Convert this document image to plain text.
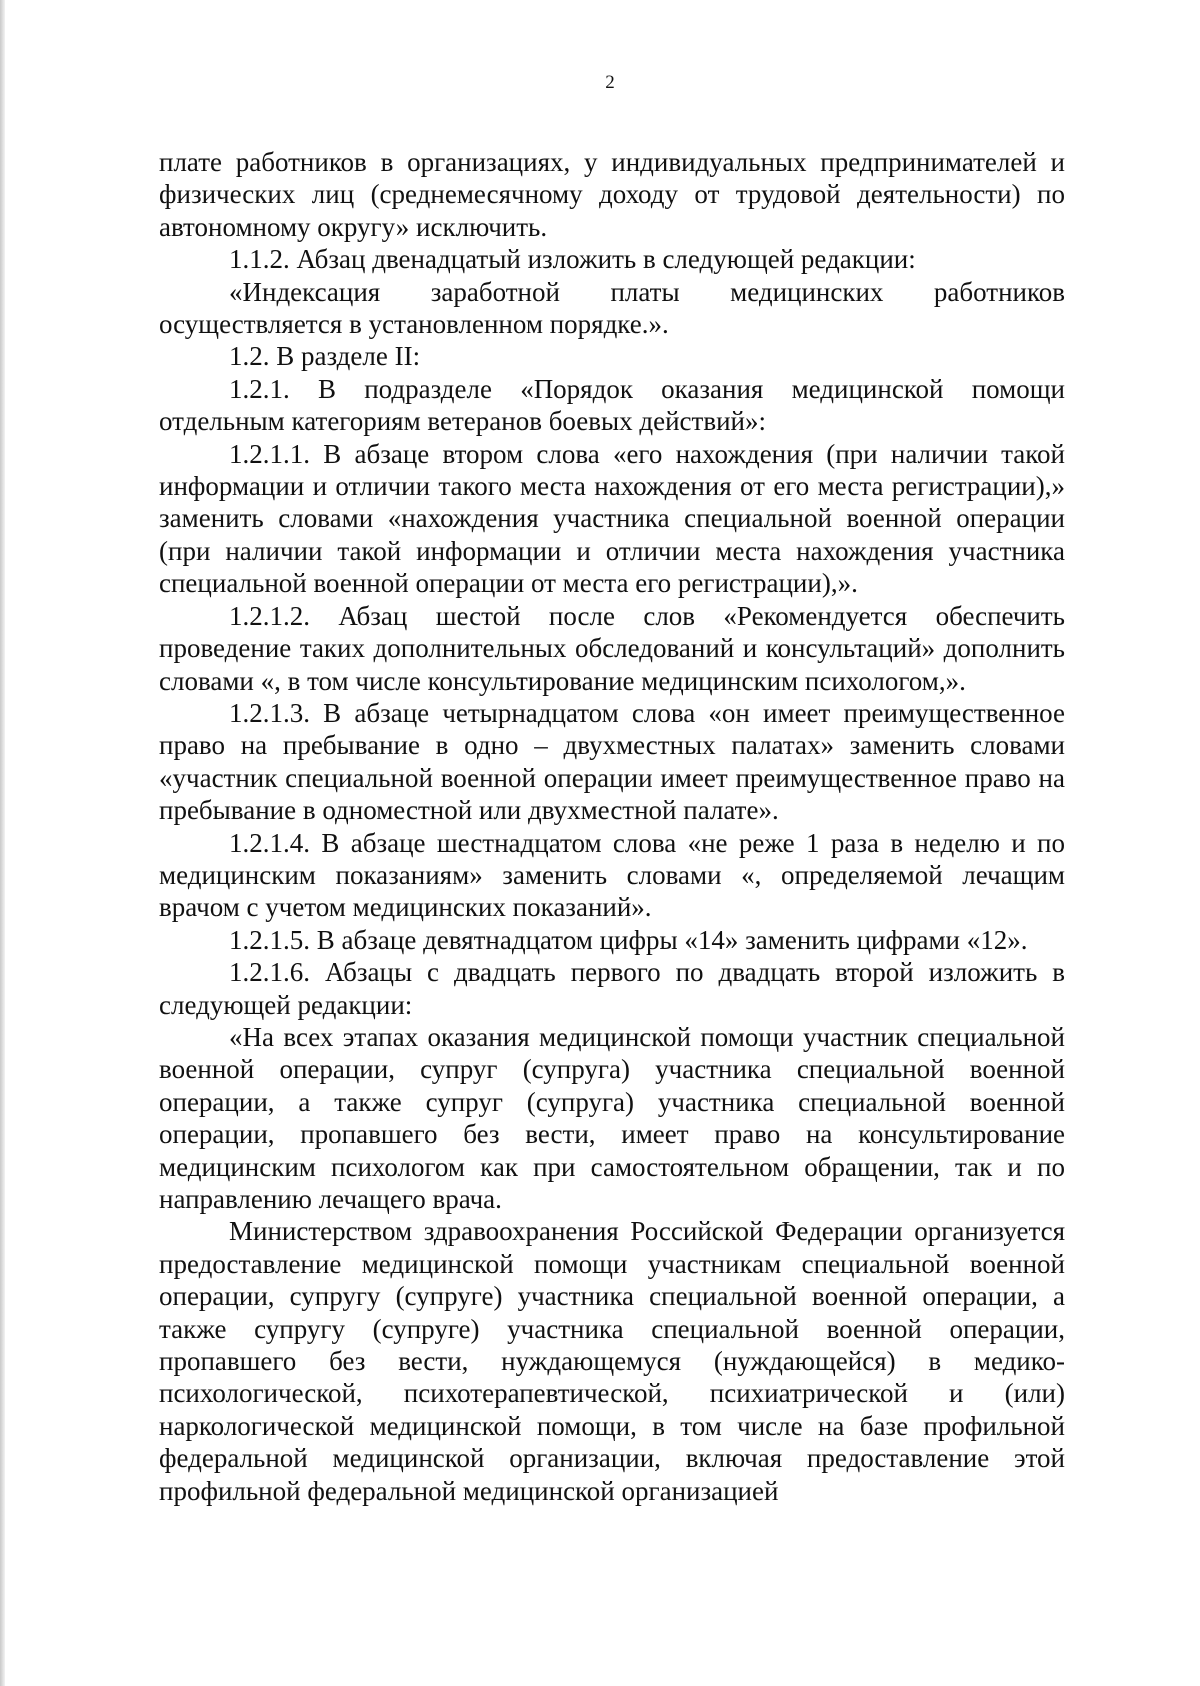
2

плате работников в организациях, у индивидуальных предпринимателей и физических лиц (среднемесячному доходу от трудовой деятельности) по автономному округу» исключить.

1.1.2. Абзац двенадцатый изложить в следующей редакции:

«Индексация заработной платы медицинских работников осуществляется в установленном порядке.».

1.2. В разделе II:

1.2.1. В подразделе «Порядок оказания медицинской помощи отдельным категориям ветеранов боевых действий»:

1.2.1.1. В абзаце втором слова «его нахождения (при наличии такой информации и отличии такого места нахождения от его места регистрации),» заменить словами «нахождения участника специальной военной операции (при наличии такой информации и отличии места нахождения участника специальной военной операции от места его регистрации),».

1.2.1.2. Абзац шестой после слов «Рекомендуется обеспечить проведение таких дополнительных обследований и консультаций» дополнить словами «, в том числе консультирование медицинским психологом,».

1.2.1.3. В абзаце четырнадцатом слова «он имеет преимущественное право на пребывание в одно – двухместных палатах» заменить словами «участник специальной военной операции имеет преимущественное право на пребывание в одноместной или двухместной палате».

1.2.1.4. В абзаце шестнадцатом слова «не реже 1 раза в неделю и по медицинским показаниям» заменить словами «, определяемой лечащим врачом с учетом медицинских показаний».

1.2.1.5. В абзаце девятнадцатом цифры «14» заменить цифрами «12».

1.2.1.6. Абзацы с двадцать первого по двадцать второй изложить в следующей редакции:

«На всех этапах оказания медицинской помощи участник специальной военной операции, супруг (супруга) участника специальной военной операции, а также супруг (супруга) участника специальной военной операции, пропавшего без вести, имеет право на консультирование медицинским психологом как при самостоятельном обращении, так и по направлению лечащего врача.

Министерством здравоохранения Российской Федерации организуется предоставление медицинской помощи участникам специальной военной операции, супругу (супруге) участника специальной военной операции, а также супругу (супруге) участника специальной военной операции, пропавшего без вести, нуждающемуся (нуждающейся) в медико-психологической, психотерапевтической, психиатрической и (или) наркологической медицинской помощи, в том числе на базе профильной федеральной медицинской организации, включая предоставление этой профильной федеральной медицинской организацией
